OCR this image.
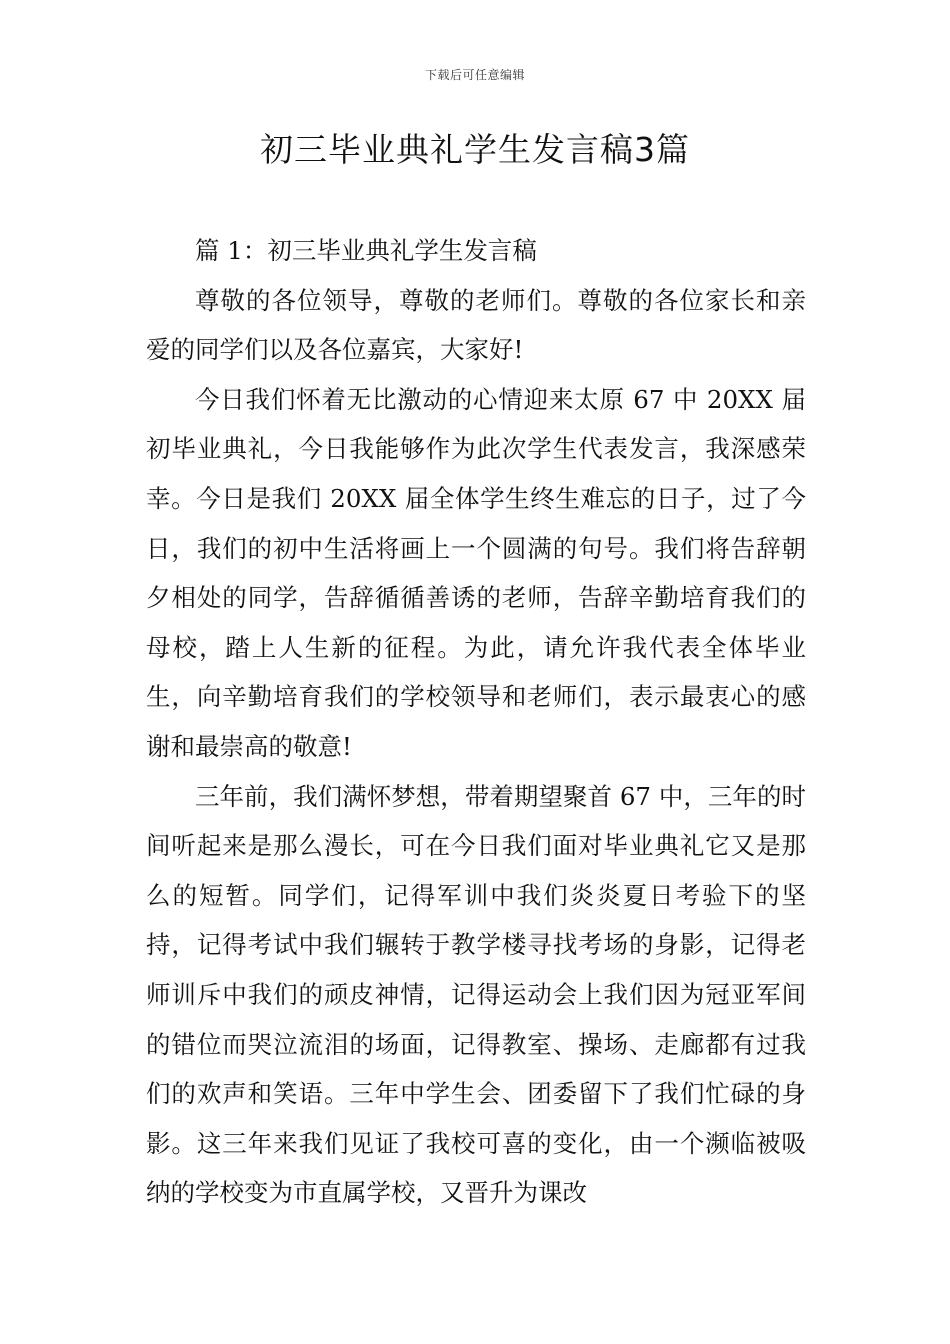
下载后可任意编辑
初三毕业典礼学生发言稿3篇
篇 1：初三毕业典礼学生发言稿

尊敬的各位领导，尊敬的老师们。尊敬的各位家长和亲爱的同学们以及各位嘉宾，大家好!

今日我们怀着无比激动的心情迎来太原 67 中 20XX 届初毕业典礼，今日我能够作为此次学生代表发言，我深感荣幸。今日是我们 20XX 届全体学生终生难忘的日子，过了今日，我们的初中生活将画上一个圆满的句号。我们将告辞朝夕相处的同学，告辞循循善诱的老师，告辞辛勤培育我们的母校，踏上人生新的征程。为此，请允许我代表全体毕业生，向辛勤培育我们的学校领导和老师们，表示最衷心的感谢和最崇高的敬意!

三年前，我们满怀梦想，带着期望聚首 67 中，三年的时间听起来是那么漫长，可在今日我们面对毕业典礼它又是那么的短暂。同学们，记得军训中我们炎炎夏日考验下的坚持，记得考试中我们辗转于教学楼寻找考场的身影，记得老师训斥中我们的顽皮神情，记得运动会上我们因为冠亚军间的错位而哭泣流泪的场面，记得教室、操场、走廊都有过我们的欢声和笑语。三年中学生会、团委留下了我们忙碌的身影。这三年来我们见证了我校可喜的变化，由一个濒临被吸纳的学校变为市直属学校，又晋升为课改
